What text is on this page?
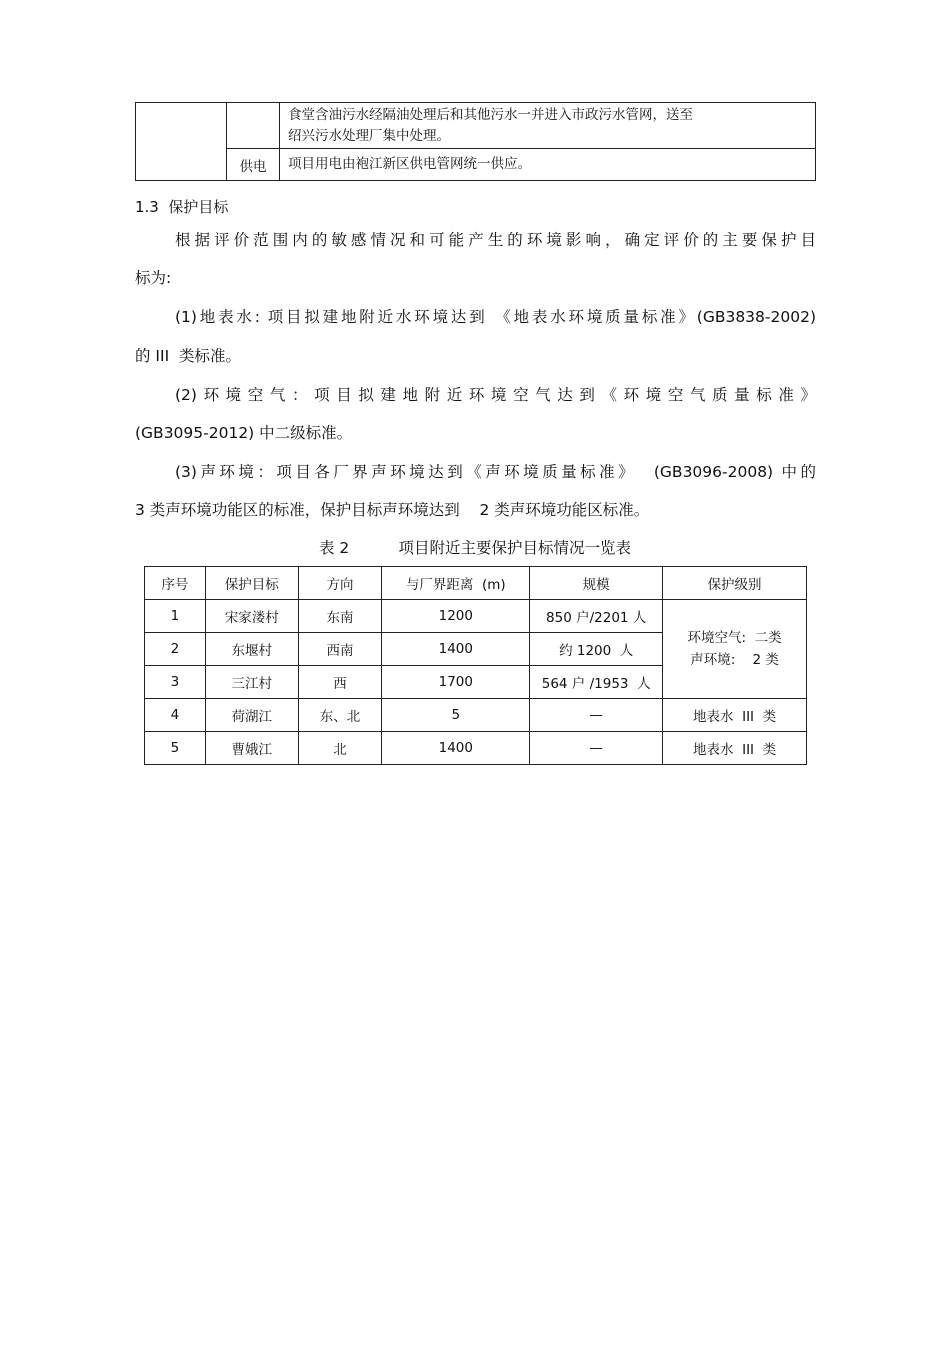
		食堂含油污水经隔油处理后和其他污水一并进入市政污水管网，送至
绍兴污水处理厂集中处理。

	供电	项目用电由袍江新区供电管网统一供应。
1.3  保护目标
根据评价范围内的敏感情况和可能产生的环境影响，确定评价的主要保护目
标为:
(1)地表水: 项目拟建地附近水环境达到 《地表水环境质量标准》(GB3838-2002)
的 III  类标准。
(2)环境空气：项目拟建地附近环境空气达到《环境空气质量标准》
(GB3095-2012) 中二级标准。
(3)声环境：项目各厂界声环境达到《声环境质量标准》  (GB3096-2008) 中的
3 类声环境功能区的标准，保护目标声环境达到    2 类声环境功能区标准。
表 2          项目附近主要保护目标情况一览表
序号	保护目标	方向	与厂界距离  (m)	规模	保护级别
1	宋家溇村	东南	1200	850 户/2201 人	环境空气:  二类
声环境:    2 类

2	东堰村	西南	1400	约 1200  人	
3	三江村	西	1700	564 户 /1953  人	
4	荷湖江	东、北	5	—	地表水  III  类
5	曹娥江	北	1400	—	地表水  III  类
